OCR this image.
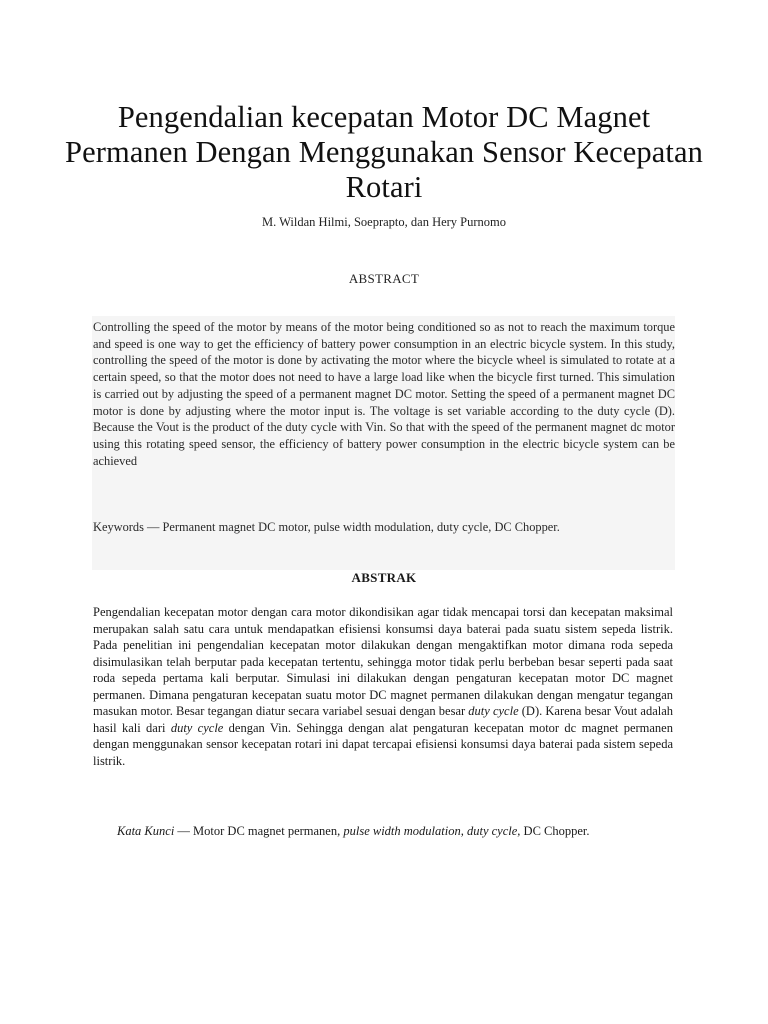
Pengendalian kecepatan Motor DC Magnet Permanen Dengan Menggunakan Sensor Kecepatan Rotari
M. Wildan Hilmi, Soeprapto, dan Hery Purnomo
ABSTRACT

Controlling the speed of the motor by means of the motor being conditioned so as not to reach the maximum torque and speed is one way to get the efficiency of battery power consumption in an electric bicycle system. In this study, controlling the speed of the motor is done by activating the motor where the bicycle wheel is simulated to rotate at a certain speed, so that the motor does not need to have a large load like when the bicycle first turned. This simulation is carried out by adjusting the speed of a permanent magnet DC motor. Setting the speed of a permanent magnet DC motor is done by adjusting where the motor input is. The voltage is set variable according to the duty cycle (D). Because the Vout is the product of the duty cycle with Vin. So that with the speed of the permanent magnet dc motor using this rotating speed sensor, the efficiency of battery power consumption in the electric bicycle system can be achieved

Keywords — Permanent magnet DC motor, pulse width modulation, duty cycle, DC Chopper.

ABSTRAK

Pengendalian kecepatan motor dengan cara motor dikondisikan agar tidak mencapai torsi dan kecepatan maksimal merupakan salah satu cara untuk mendapatkan efisiensi konsumsi daya baterai pada suatu sistem sepeda listrik. Pada penelitian ini pengendalian kecepatan motor dilakukan dengan mengaktifkan motor dimana roda sepeda disimulasikan telah berputar pada kecepatan tertentu, sehingga motor tidak perlu berbeban besar seperti pada saat roda sepeda pertama kali berputar. Simulasi ini dilakukan dengan pengaturan kecepatan motor DC magnet permanen. Dimana pengaturan kecepatan suatu motor DC magnet permanen dilakukan dengan mengatur tegangan masukan motor. Besar tegangan diatur secara variabel sesuai dengan besar duty cycle (D). Karena besar Vout adalah hasil kali dari duty cycle dengan Vin. Sehingga dengan alat pengaturan kecepatan motor dc magnet permanen dengan menggunakan sensor kecepatan rotari ini dapat tercapai efisiensi konsumsi daya baterai pada sistem sepeda listrik.

Kata Kunci — Motor DC magnet permanen, pulse width modulation, duty cycle, DC Chopper.
